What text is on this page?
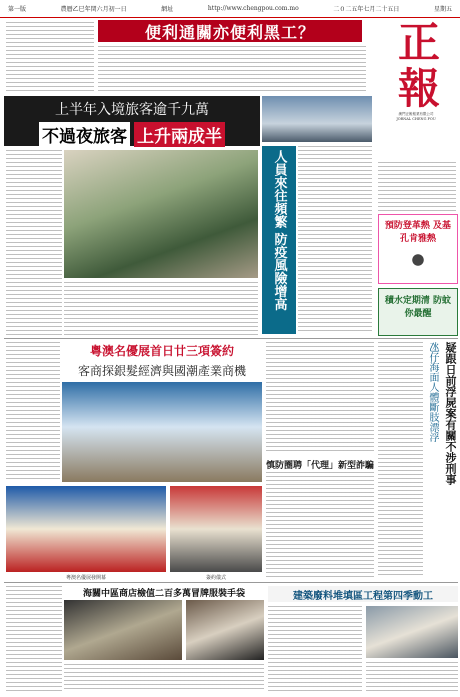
第一版	農曆乙巳年閏六月初一日	網址	http://www.chengpou.com.mo	二０二五年七月二十五日	星期五
便利通關亦便利黑工？	正報
澳門正報報業有限公司
JORNAL CHENG POU
上半年入境旅客逾千九萬
不過夜旅客 上升兩成半
人員來往頻繁 防疫風險增高	預防登革熱 及基孔肯雅熱
積水定期清 防蚊你最醒
粵澳名優展首日廿三項簽約
客商探銀髮經濟與國潮產業商機
粵澳名優展發開幕	簽約儀式
慎防圈聘「代理」新型詐騙	疑跟日前浮屍案有關不涉刑事
氹仔海面人體斷肢漂浮
海關中區商店檢值二百多萬冒牌服裝手袋	建築廢料堆填區工程第四季動工
